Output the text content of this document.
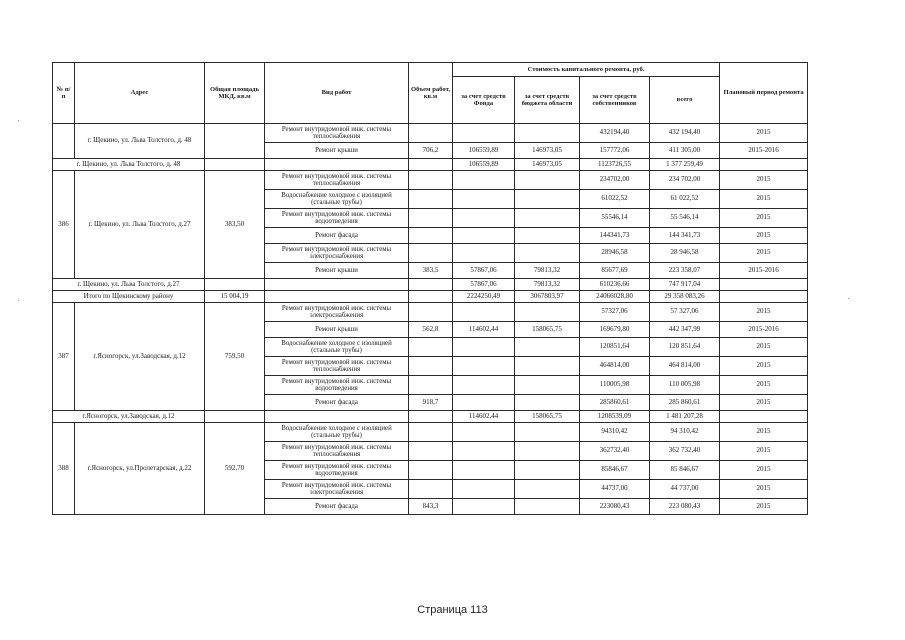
№ п/п	Адрес	Общая площадь МКД, кв.м	Вид работ	Объем работ, кв.м	Стоимость капитального ремонта, руб.				Плановый период ремонта
					за счет средств Фонда	за счет средств бюджета области	за счет средств собственников	всего	
	г. Щекино, ул. Льва Толстого, д. 48		Ремонт внутридомовой инж. системы теплоснабжения				432194,40	432 194,40	2015
			Ремонт крыши	706,2	106559,89	146973,05	157772,06	411 305,00	2015-2016
г. Щекино, ул. Льва Толстого, д. 48					106559,89	146973,05	1123726,55	1 377 259,49	
386	г. Щекино, ул. Льва Толстого, д.27	383,50	Ремонт внутридомовой инж. системы теплоснабжения				234702,00	234 702,00	2015
			Водоснабжение холодное с изоляцией (стальные трубы)				61022,52	61 022,52	2015
			Ремонт внутридомовой инж. системы водоотведения				55546,14	55 546,14	2015
			Ремонт фасада				144341,73	144 341,73	2015
			Ремонт внутридомовой инж. системы электроснабжения				28946,58	28 946,58	2015
			Ремонт крыши	383,5	57867,06	79813,32	85677,69	223 358,07	2015-2016
г. Щекино, ул. Льва Толстого, д.27					57867,06	79813,32	610236,66	747 917,04	
Итого по Щекинскому району		15 004,19			2224250,49	3067803,97	24066028,80	29 358 083,26	
387	г.Ясногорск, ул.Заводская, д.12	759,50	Ремонт внутридомовой инж. системы электроснабжения				57327,06	57 327,06	2015
			Ремонт крыши	562,8	114602,44	158065,75	169679,80	442 347,99	2015-2016
			Водоснабжение холодное с изоляцией (стальные трубы)				120851,64	120 851,64	2015
			Ремонт внутридомовой инж. системы теплоснабжения				464814,00	464 814,00	2015
			Ремонт внутридомовой инж. системы водоотведения				110005,98	110 005,98	2015
			Ремонт фасада	918,7			285860,61	285 860,61	2015
г.Ясногорск, ул.Заводская, д.12					114602,44	158065,75	1208539,09	1 481 207,28	
388	г.Ясногорск, ул.Пролетарская, д.22	592,70	Водоснабжение холодное с изоляцией (стальные трубы)				94310,42	94 310,42	2015
			Ремонт внутридомовой инж. системы теплоснабжения				362732,40	362 732,40	2015
			Ремонт внутридомовой инж. системы водоотведения				85846,67	85 846,67	2015
			Ремонт внутридомовой инж. системы электроснабжения				44737,00	44 737,00	2015
			Ремонт фасада	843,3			223080,43	223 080,43	2015
Страница 113
